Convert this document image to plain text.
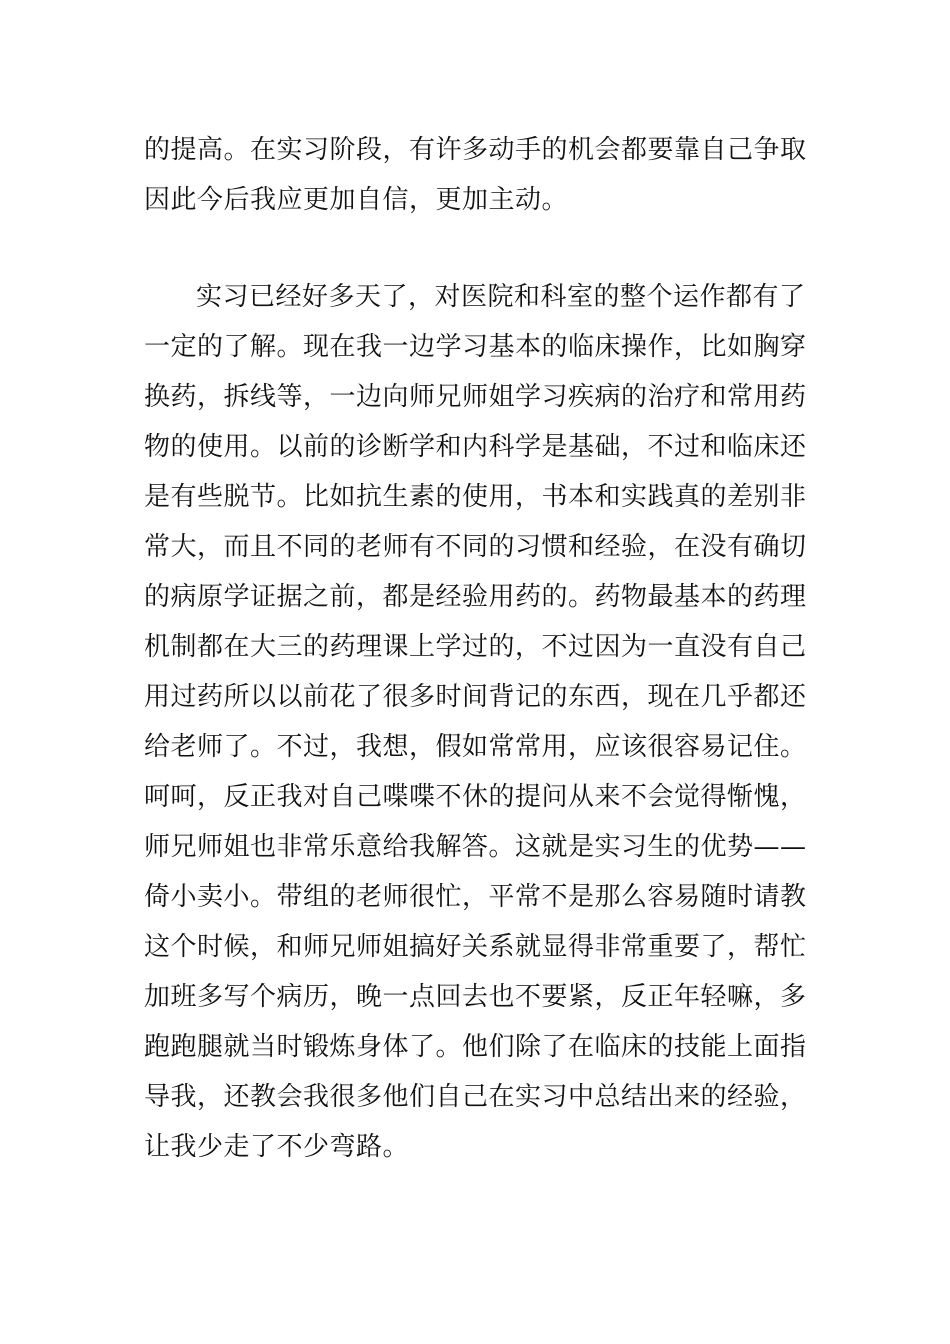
的提高。在实习阶段，有许多动手的机会都要靠自己争取
因此今后我应更加自信，更加主动。
实习已经好多天了，对医院和科室的整个运作都有了
一定的了解。现在我一边学习基本的临床操作，比如胸穿
换药，拆线等，一边向师兄师姐学习疾病的治疗和常用药
物的使用。以前的诊断学和内科学是基础，不过和临床还
是有些脱节。比如抗生素的使用，书本和实践真的差别非
常大，而且不同的老师有不同的习惯和经验，在没有确切
的病原学证据之前，都是经验用药的。药物最基本的药理
机制都在大三的药理课上学过的，不过因为一直没有自己
用过药所以以前花了很多时间背记的东西，现在几乎都还
给老师了。不过，我想，假如常常用，应该很容易记住。
呵呵，反正我对自己喋喋不休的提问从来不会觉得惭愧，
师兄师姐也非常乐意给我解答。这就是实习生的优势——
倚小卖小。带组的老师很忙，平常不是那么容易随时请教
这个时候，和师兄师姐搞好关系就显得非常重要了，帮忙
加班多写个病历，晚一点回去也不要紧，反正年轻嘛，多
跑跑腿就当时锻炼身体了。他们除了在临床的技能上面指
导我，还教会我很多他们自己在实习中总结出来的经验，
让我少走了不少弯路。
